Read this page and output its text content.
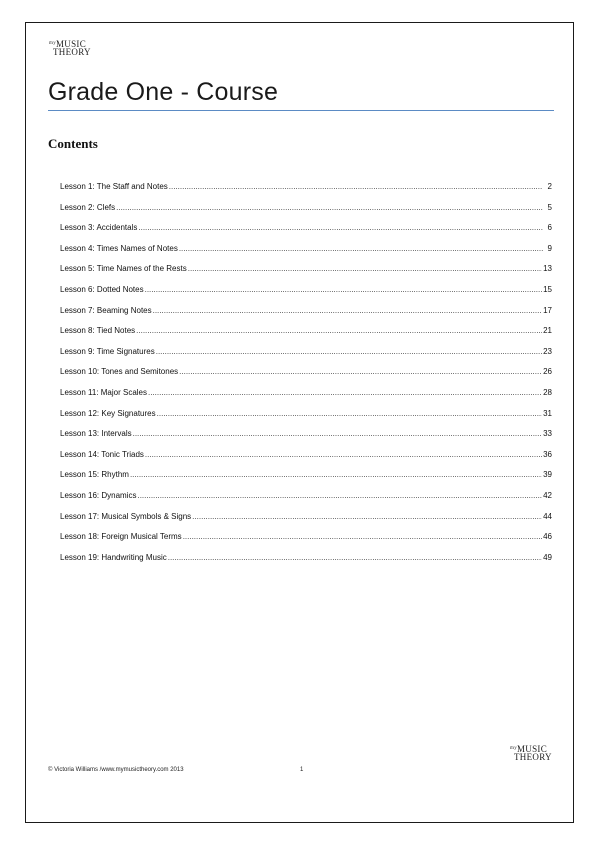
$^{my}$MUSIC
THEORY
Grade One - Course
Contents
Lesson 1: The Staff and Notes .....	2
Lesson 2: Clefs .....	5
Lesson 3: Accidentals .....	6
Lesson 4: Times Names of Notes .....	9
Lesson 5: Time Names of the Rests .....	13
Lesson 6: Dotted Notes .....	15
Lesson 7: Beaming Notes .....	17
Lesson 8: Tied Notes .....	21
Lesson 9: Time Signatures .....	23
Lesson 10: Tones and Semitones .....	26
Lesson 11: Major Scales .....	28
Lesson 12: Key Signatures .....	31
Lesson 13: Intervals .....	33
Lesson 14: Tonic Triads .....	36
Lesson 15: Rhythm .....	39
Lesson 16: Dynamics .....	42
Lesson 17: Musical Symbols & Signs .....	44
Lesson 18: Foreign Musical Terms .....	46
Lesson 19: Handwriting Music .....	49
© Victoria Williams /www.mymusictheory.com 2013	1
$^{my}$MUSIC
THEORY
